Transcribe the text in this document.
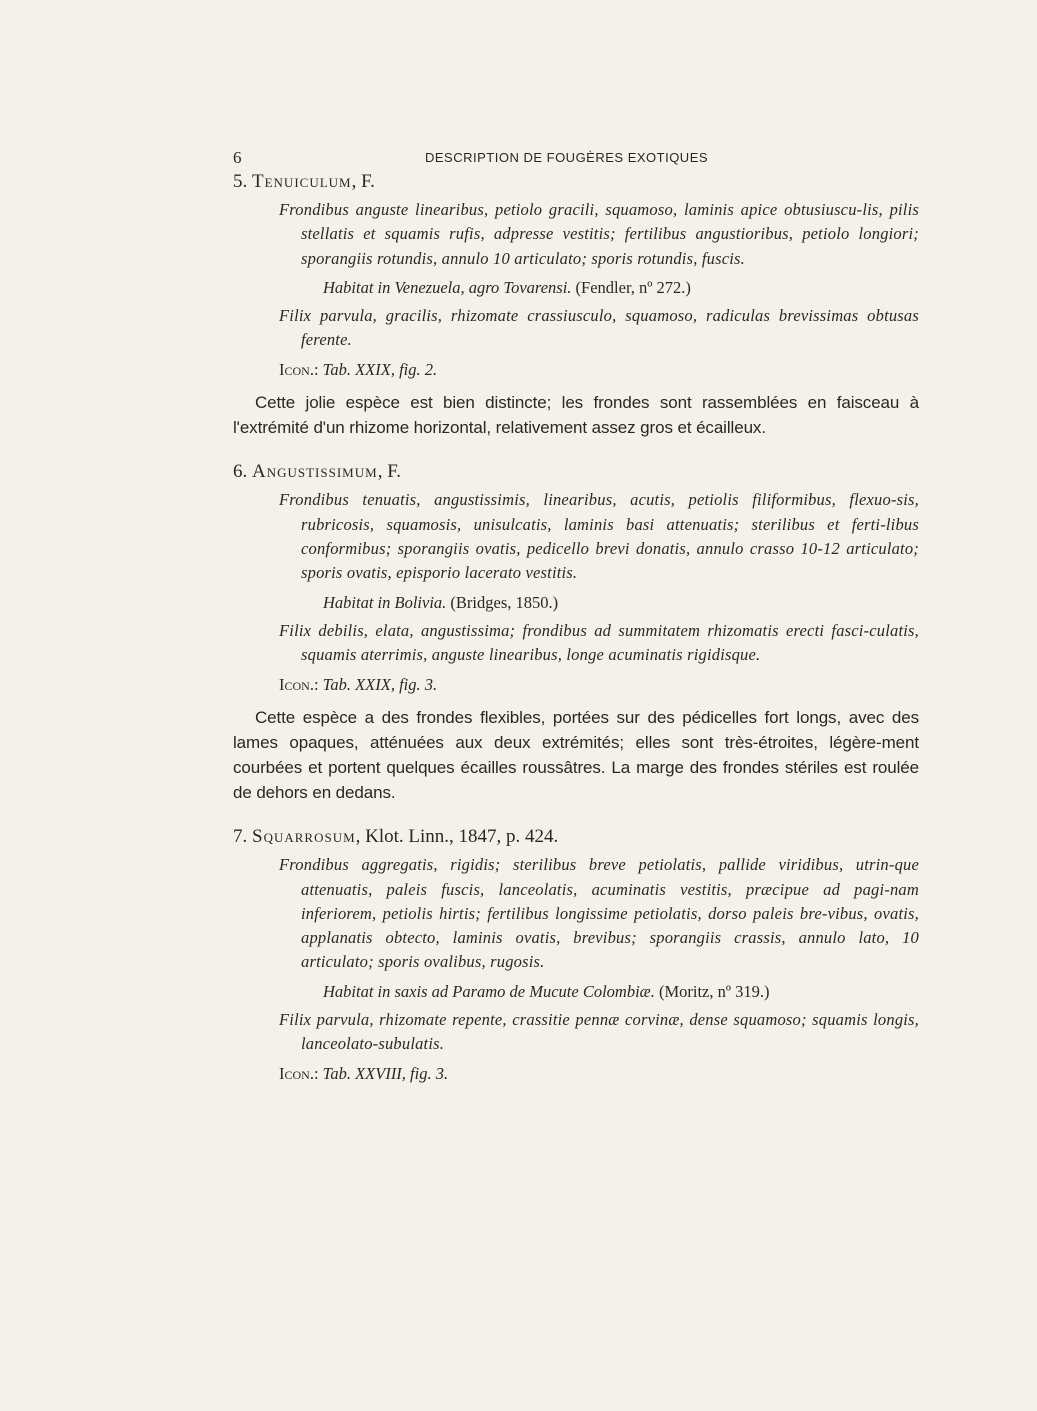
6	DESCRIPTION DE FOUGÈRES EXOTIQUES

5. Tenuiculum, F.

Frondibus anguste linearibus, petiolo gracili, squamoso, laminis apice obtusiuscu-lis, pilis stellatis et squamis rufis, adpresse vestitis; fertilibus angustioribus, petiolo longiori; sporangiis rotundis, annulo 10 articulato; sporis rotundis, fuscis.

Habitat in Venezuela, agro Tovarensi. (Fendler, nº 272.)

Filix parvula, gracilis, rhizomate crassiusculo, squamoso, radiculas brevissimas obtusas ferente.

Icon.: Tab. XXIX, fig. 2.

Cette jolie espèce est bien distincte; les frondes sont rassemblées en faisceau à l'extrémité d'un rhizome horizontal, relativement assez gros et écailleux.

6. Angustissimum, F.

Frondibus tenuatis, angustissimis, linearibus, acutis, petiolis filiformibus, flexuo-sis, rubricosis, squamosis, unisulcatis, laminis basi attenuatis; sterilibus et ferti-libus conformibus; sporangiis ovatis, pedicello brevi donatis, annulo crasso 10-12 articulato; sporis ovatis, episporio lacerato vestitis.

Habitat in Bolivia. (Bridges, 1850.)

Filix debilis, elata, angustissima; frondibus ad summitatem rhizomatis erecti fasci-culatis, squamis aterrimis, anguste linearibus, longe acuminatis rigidisque.

Icon.: Tab. XXIX, fig. 3.

Cette espèce a des frondes flexibles, portées sur des pédicelles fort longs, avec des lames opaques, atténuées aux deux extrémités; elles sont très-étroites, légère-ment courbées et portent quelques écailles roussâtres. La marge des frondes stériles est roulée de dehors en dedans.

7. Squarrosum, Klot. Linn., 1847, p. 424.

Frondibus aggregatis, rigidis; sterilibus breve petiolatis, pallide viridibus, utrin-que attenuatis, paleis fuscis, lanceolatis, acuminatis vestitis, præcipue ad pagi-nam inferiorem, petiolis hirtis; fertilibus longissime petiolatis, dorso paleis bre-vibus, ovatis, applanatis obtecto, laminis ovatis, brevibus; sporangiis crassis, annulo lato, 10 articulato; sporis ovalibus, rugosis.

Habitat in saxis ad Paramo de Mucute Colombiæ. (Moritz, nº 319.)

Filix parvula, rhizomate repente, crassitie pennæ corvinæ, dense squamoso; squamis longis, lanceolato-subulatis.

Icon.: Tab. XXVIII, fig. 3.
